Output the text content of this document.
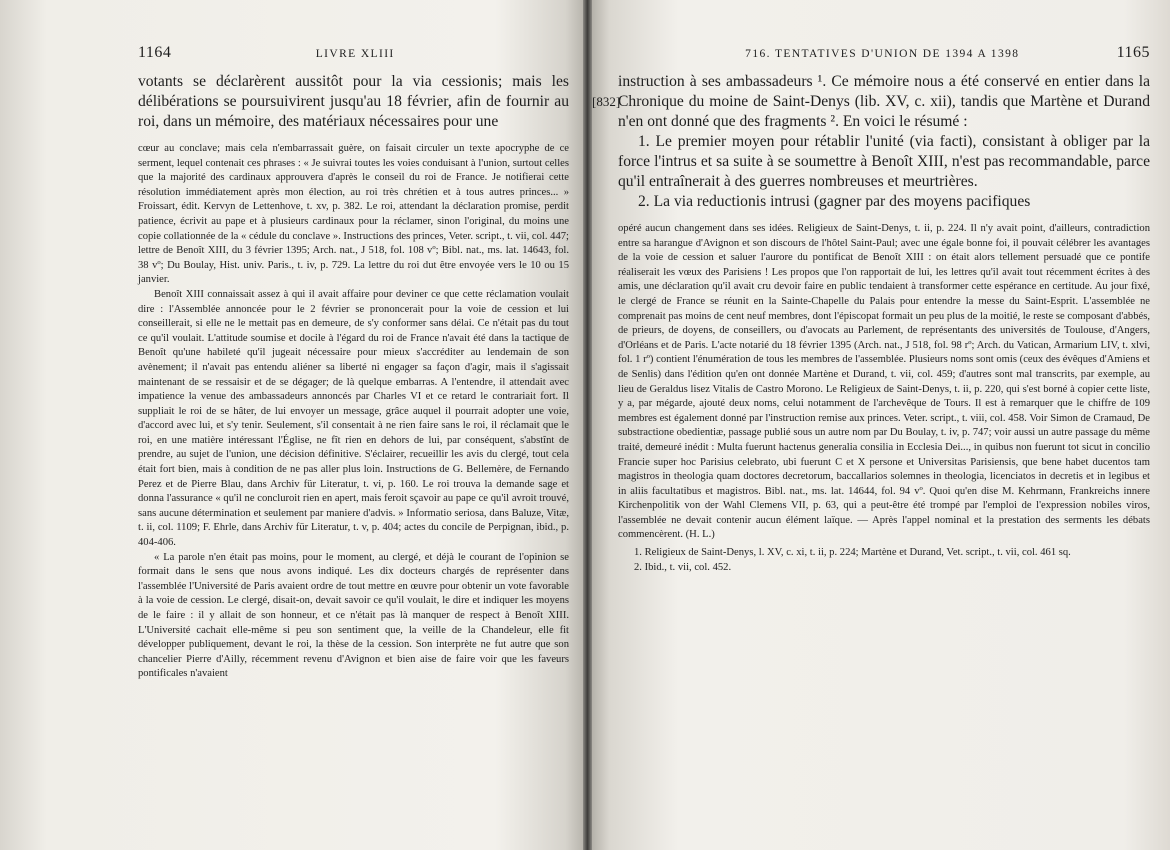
1164	LIVRE XLIII

votants se déclarèrent aussitôt pour la via cessionis; mais les délibérations se poursuivirent jusqu'au 18 février, afin de fournir au roi, dans un mémoire, des matériaux nécessaires pour une

cœur au conclave; mais cela n'embarrassait guère, on faisait circuler un texte apocryphe de ce serment, lequel contenait ces phrases : « Je suivrai toutes les voies conduisant à l'union, surtout celles que la majorité des cardinaux approuvera d'après le conseil du roi de France. Je notifierai cette résolution immédiatement après mon élection, au roi très chrétien et à tous autres princes... » Froissart, édit. Kervyn de Lettenhove, t. xv, p. 382. Le roi, attendant la déclaration promise, perdit patience, écrivit au pape et à plusieurs cardinaux pour la réclamer, sinon l'original, du moins une copie collationnée de la « cédule du conclave ». Instructions des princes, Veter. script., t. vii, col. 447; lettre de Benoît XIII, du 3 février 1395; Arch. nat., J 518, fol. 108 vº; Bibl. nat., ms. lat. 14643, fol. 38 vº; Du Boulay, Hist. univ. Paris., t. iv, p. 729. La lettre du roi dut être envoyée vers le 10 ou 15 janvier.

Benoît XIII connaissait assez à qui il avait affaire pour deviner ce que cette réclamation voulait dire : l'Assemblée annoncée pour le 2 février se prononcerait pour la voie de cession et lui conseillerait, si elle ne le mettait pas en demeure, de s'y conformer sans délai. Ce n'était pas du tout ce qu'il voulait. L'attitude soumise et docile à l'égard du roi de France n'avait été dans la tactique de Benoît qu'une habileté qu'il jugeait nécessaire pour mieux s'accréditer au lendemain de son avènement; il n'avait pas entendu aliéner sa liberté ni engager sa façon d'agir, mais il s'agissait maintenant de se ressaisir et de se dégager; de là quelque embarras. A l'entendre, il attendait avec impatience la venue des ambassadeurs annoncés par Charles VI et ce retard le contrariait fort. Il suppliait le roi de se hâter, de lui envoyer un message, grâce auquel il pourrait adopter une voie, d'accord avec lui, et s'y tenir. Seulement, s'il consentait à ne rien faire sans le roi, il réclamait que le roi, en une matière intéressant l'Église, ne fît rien en dehors de lui, par conséquent, s'abstînt de prendre, au sujet de l'union, une décision définitive. S'éclairer, recueillir les avis du clergé, tout cela était fort bien, mais à condition de ne pas aller plus loin. Instructions de G. Bellemère, de Fernando Perez et de Pierre Blau, dans Archiv für Literatur, t. vi, p. 160. Le roi trouva la demande sage et donna l'assurance « qu'il ne concluroit rien en apert, mais feroit sçavoir au pape ce qu'il avroit trouvé, sans aucune détermination et seulement par maniere d'advis. » Informatio seriosa, dans Baluze, Vitæ, t. ii, col. 1109; F. Ehrle, dans Archiv für Literatur, t. v, p. 404; actes du concile de Perpignan, ibid., p. 404-406.

« La parole n'en était pas moins, pour le moment, au clergé, et déjà le courant de l'opinion se formait dans le sens que nous avons indiqué. Les dix docteurs chargés de représenter dans l'assemblée l'Université de Paris avaient ordre de tout mettre en œuvre pour obtenir un vote favorable à la voie de cession. Le clergé, disait-on, devait savoir ce qu'il voulait, le dire et indiquer les moyens de le faire : il y allait de son honneur, et ce n'était pas là manquer de respect à Benoît XIII. L'Université cachait elle-même si peu son sentiment que, la veille de la Chandeleur, elle fit développer publiquement, devant le roi, la thèse de la cession. Son interprète ne fut autre que son chancelier Pierre d'Ailly, récemment revenu d'Avignon et bien aise de faire voir que les faveurs pontificales n'avaient

[832]
716. TENTATIVES D'UNION DE 1394 A 1398	1165

instruction à ses ambassadeurs ¹. Ce mémoire nous a été conservé en entier dans la Chronique du moine de Saint-Denys (lib. XV, c. xii), tandis que Martène et Durand n'en ont donné que des fragments ². En voici le résumé :

1. Le premier moyen pour rétablir l'unité (via facti), consistant à obliger par la force l'intrus et sa suite à se soumettre à Benoît XIII, n'est pas recommandable, parce qu'il entraînerait à des guerres nombreuses et meurtrières.

2. La via reductionis intrusi (gagner par des moyens pacifiques

opéré aucun changement dans ses idées. Religieux de Saint-Denys, t. ii, p. 224. Il n'y avait point, d'ailleurs, contradiction entre sa harangue d'Avignon et son discours de l'hôtel Saint-Paul; avec une égale bonne foi, il pouvait célébrer les avantages de la voie de cession et saluer l'aurore du pontificat de Benoît XIII : on était alors tellement persuadé que ce pontife réaliserait les vœux des Parisiens ! Les propos que l'on rapportait de lui, les lettres qu'il avait tout récemment écrites à des amis, une déclaration qu'il avait cru devoir faire en public tendaient à transformer cette espérance en certitude. Au jour fixé, le clergé de France se réunit en la Sainte-Chapelle du Palais pour entendre la messe du Saint-Esprit. L'assemblée ne comprenait pas moins de cent neuf membres, dont l'épiscopat formait un peu plus de la moitié, le reste se composant d'abbés, de prieurs, de doyens, de conseillers, ou d'avocats au Parlement, de représentants des universités de Toulouse, d'Angers, d'Orléans et de Paris. L'acte notarié du 18 février 1395 (Arch. nat., J 518, fol. 98 rº; Arch. du Vatican, Armarium LIV, t. xlvi, fol. 1 rº) contient l'énumération de tous les membres de l'assemblée. Plusieurs noms sont omis (ceux des évêques d'Amiens et de Senlis) dans l'édition qu'en ont donnée Martène et Durand, t. vii, col. 459; d'autres sont mal transcrits, par exemple, au lieu de Geraldus lisez Vitalis de Castro Morono. Le Religieux de Saint-Denys, t. ii, p. 220, qui s'est borné à copier cette liste, y a, par mégarde, ajouté deux noms, celui notamment de l'archevêque de Tours. Il est à remarquer que le chiffre de 109 membres est également donné par l'instruction remise aux princes. Veter. script., t. viii, col. 458. Voir Simon de Cramaud, De substractione obedientiæ, passage publié sous un autre nom par Du Boulay, t. iv, p. 747; voir aussi un autre passage du même traité, demeuré inédit : Multa fuerunt hactenus generalia consilia in Ecclesia Dei..., in quibus non fuerunt tot sicut in concilio Francie super hoc Parisius celebrato, ubi fuerunt C et X persone et Universitas Parisiensis, que bene habet ducentos tam magistros in theologia quam doctores decretorum, baccallarios solemnes in theologia, licenciatos in decretis et in legibus et in aliis facultatibus et magistros. Bibl. nat., ms. lat. 14644, fol. 94 vº. Quoi qu'en dise M. Kehrmann, Frankreichs innere Kirchenpolitik von der Wahl Clemens VII, p. 63, qui a peut-être été trompé par l'emploi de l'expression nobiles viros, l'assemblée ne devait contenir aucun élément laïque. — Après l'appel nominal et la prestation des serments les débats commencèrent. (H. L.)

1. Religieux de Saint-Denys, l. XV, c. xi, t. ii, p. 224; Martène et Durand, Vet. script., t. vii, col. 461 sq.

2. Ibid., t. vii, col. 452.
